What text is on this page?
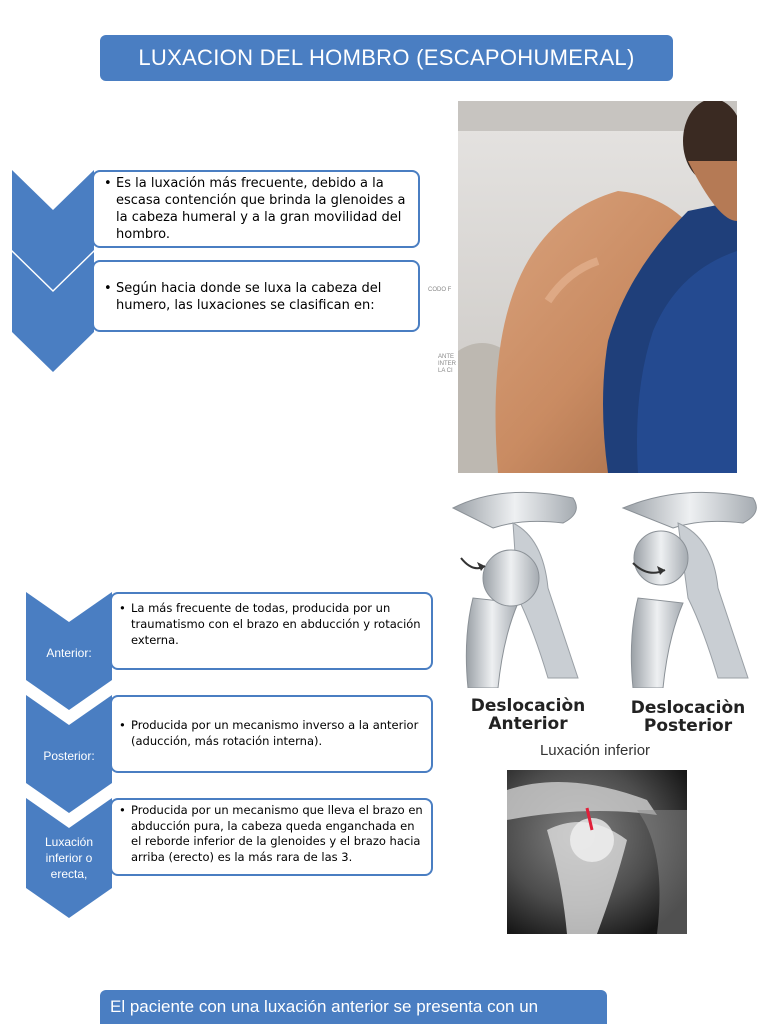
LUXACION DEL HOMBRO (ESCAPOHUMERAL)
• Es la luxación más frecuente, debido a la escasa contención que brinda la glenoides a la cabeza humeral y a la gran movilidad del hombro.
• Según hacia donde se luxa la cabeza del humero, las luxaciones se clasifican en:
CODO F
ANTE
INTER
LA CI
Deslocaciòn
Anterior
Deslocaciòn
Posterior
Luxación inferior
Anterior:
Posterior:
Luxación inferior o erecta,
• La más frecuente de todas, producida por un traumatismo con el brazo en abducción y rotación externa.
• Producida por un mecanismo inverso a la anterior (aducción, más rotación interna).
• Producida por un mecanismo que lleva el brazo en abducción pura, la cabeza queda enganchada en el reborde inferior de la glenoides y el brazo hacia arriba (erecto) es la más rara de las 3.
El paciente con una luxación anterior se presenta con un
